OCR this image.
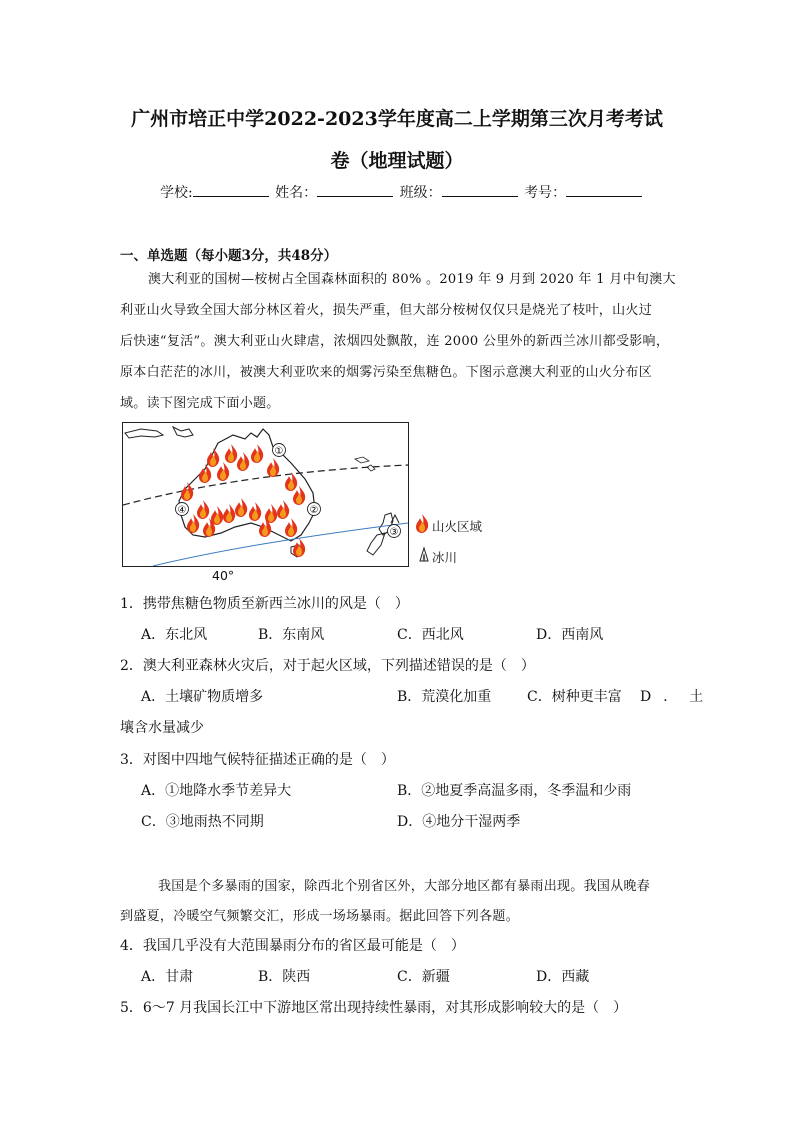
广州市培正中学2022-2023学年度高二上学期第三次月考考试
卷（地理试题）
学校:	姓名：	班级：	考号：
一、单选题（每小题3分，共48分）
澳大利亚的国树—桉树占全国森林面积的 80% 。2019 年 9 月到 2020 年 1 月中旬澳大
利亚山火导致全国大部分林区着火，损失严重，但大部分桉树仅仅只是烧光了枝叶，山火过
后快速“复活”。澳大利亚山火肆虐，浓烟四处飘散，连 2000 公里外的新西兰冰川都受影响，
原本白茫茫的冰川，被澳大利亚吹来的烟雾污染至焦糖色。下图示意澳大利亚的山火分布区
域。读下图完成下面小题。
①
②
③
④
40°
山火区域
冰川
1．携带焦糖色物质至新西兰冰川的风是（　）
A．东北风	B．东南风	C．西北风	D．西南风
2．澳大利亚森林火灾后，对于起火区域，下列描述错误的是（　）
A．土壤矿物质增多	B．荒漠化加重	C．树种更丰富 D．土
壤含水量减少
3．对图中四地气候特征描述正确的是（　）
A．①地降水季节差异大	B．②地夏季高温多雨，冬季温和少雨
C．③地雨热不同期	D．④地分干湿两季
我国是个多暴雨的国家，除西北个别省区外，大部分地区都有暴雨出现。我国从晚春
到盛夏，冷暖空气频繁交汇，形成一场场暴雨。据此回答下列各题。
4．我国几乎没有大范围暴雨分布的省区最可能是（　）
A．甘肃	B．陕西	C．新疆	D．西藏
5．6～7 月我国长江中下游地区常出现持续性暴雨，对其形成影响较大的是（　）
